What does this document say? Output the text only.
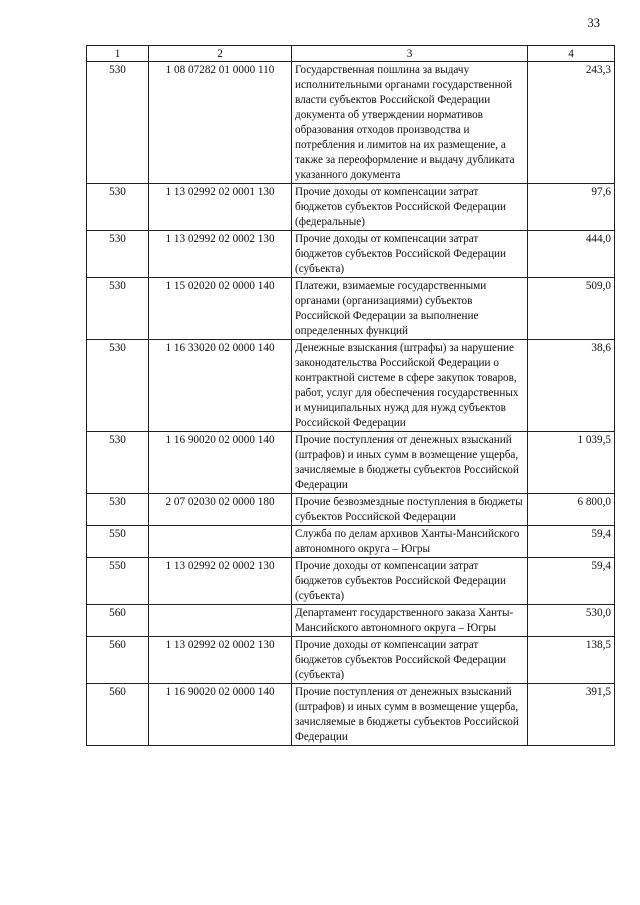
33
1	2	3	4
530	1 08 07282 01 0000 110	Государственная пошлина за выдачу исполнительными органами государственной власти субъектов Российской Федерации документа об утверждении нормативов образования отходов производства и потребления и лимитов на их размещение, а также за переоформление и выдачу дубликата указанного документа	243,3
530	1 13 02992 02 0001 130	Прочие доходы от компенсации затрат бюджетов субъектов Российской Федерации (федеральные)	97,6
530	1 13 02992 02 0002 130	Прочие доходы от компенсации затрат бюджетов субъектов Российской Федерации (субъекта)	444,0
530	1 15 02020 02 0000 140	Платежи, взимаемые государственными органами (организациями) субъектов Российской Федерации за выполнение определенных функций	509,0
530	1 16 33020 02 0000 140	Денежные взыскания (штрафы) за нарушение законодательства Российской Федерации о контрактной системе в сфере закупок товаров, работ, услуг для обеспечения государственных и муниципальных нужд для нужд субъектов Российской Федерации	38,6
530	1 16 90020 02 0000 140	Прочие поступления от денежных взысканий (штрафов) и иных сумм в возмещение ущерба, зачисляемые в бюджеты субъектов Российской Федерации	1 039,5
530	2 07 02030 02 0000 180	Прочие безвозмездные поступления в бюджеты субъектов Российской Федерации	6 800,0
550		Служба по делам архивов Ханты-Мансийского автономного округа – Югры	59,4
550	1 13 02992 02 0002 130	Прочие доходы от компенсации затрат бюджетов субъектов Российской Федерации (субъекта)	59,4
560		Департамент государственного заказа Ханты-Мансийского автономного округа – Югры	530,0
560	1 13 02992 02 0002 130	Прочие доходы от компенсации затрат бюджетов субъектов Российской Федерации (субъекта)	138,5
560	1 16 90020 02 0000 140	Прочие поступления от денежных взысканий (штрафов) и иных сумм в возмещение ущерба, зачисляемые в бюджеты субъектов Российской Федерации	391,5
